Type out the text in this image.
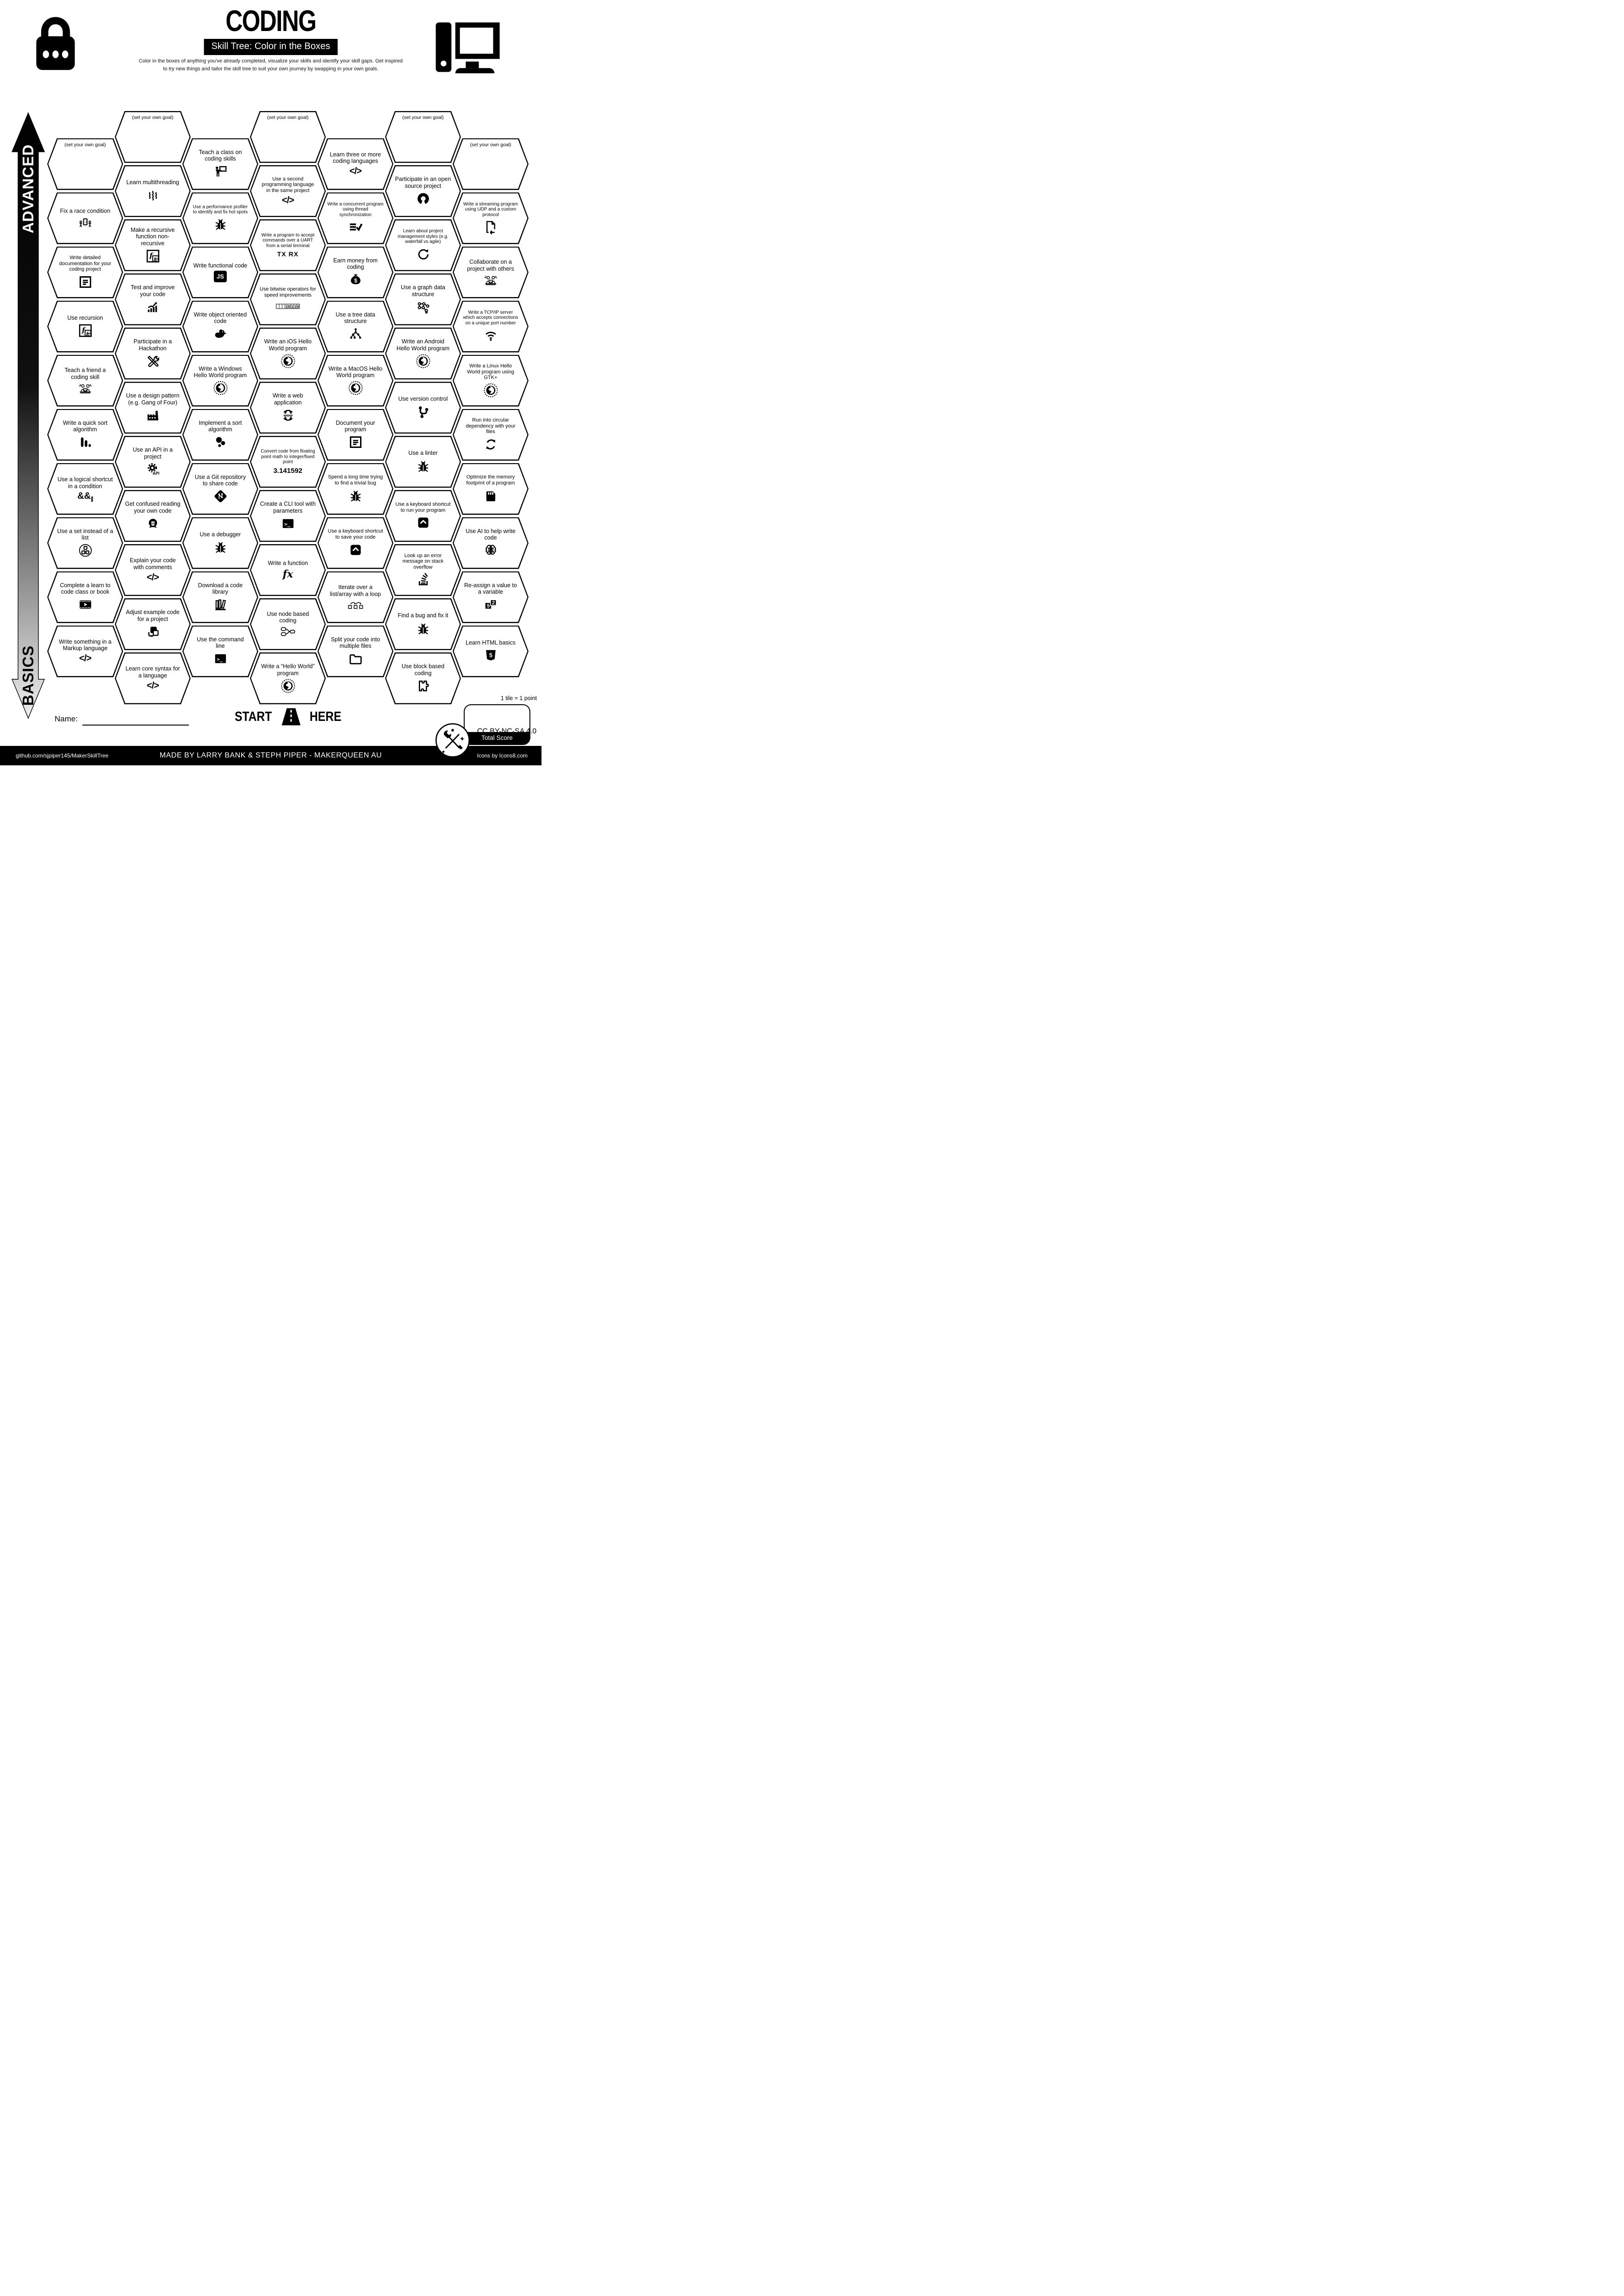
CODING
Skill Tree: Color in the Boxes
Color in the boxes of anything you've already completed, visualize your skills and identify your skill gaps. Get inspired
to try new things and tailor the skill tree to suit your own journey by swapping in your own goals.
ADVANCED
BASICS
(set your own goal)
Fix a race condition
Write detailed documentation for your coding project
Use recursion
f f f
Teach a friend a coding skill
Write a quick sort algorithm
Use a logical shortcut in a condition
$\&\&_{||}$
Use a set instead of a list
Complete a learn to code class or book
Write something in a Markup language
</>
(set your own goal)
Learn multithreading
Make a recursive function non-recursive
f f f
Test and improve your code
Participate in a Hackathon
Use a design pattern (e.g. Gang of Four)
Use an API in a project
API
Get confused reading your own code
Explain your code with comments
</>
Adjust example code for a project
Learn core syntax for a language
</>
Teach a class on coding skills
Use a performance profiler to identify and fix hot spots
Write functional code
JS
Write object oriented code
Write a Windows Hello World program
Implement a sort algorithm
Use a Git repository to share code
Use a debugger
Download a code library
Use the command line
>_
(set your own goal)
Use a second programming language in the same project
</>
Write a program to accept commands over a UART from a serial terminal
TX RX
Use bitwise operators for speed improvements
1 0 1 1 0
Write an iOS Hello World program
Write a web application
www
Convert code from floating point math to integer/fixed point
3.141592
Create a CLI tool with parameters
>_
Write a function
fx
Use node based coding
Write a “Hello World” program
Learn three or more coding languages
</>
Write a concurrent program using thread synchronization
Earn money from coding
$
Use a tree data structure
Write a MacOS Hello World program
Document your program
Spend a long time trying to find a trivial bug
Use a keyboard shortcut to save your code
Iterate over a list/array with a loop
Split your code into multiple files
(set your own goal)
Participate in an open source project
Learn about project management styles (e.g. waterfall vs agile)
Use a graph data structure
Write an Android Hello World program
Use version control
Use a linter
Use a keyboard shortcut to run your program
Look up an error message on stack overflow
Find a bug and fix it
Use block based coding
(set your own goal)
Write a streaming program using UDP and a custom protocol
Collaborate on a project with others
Write a TCP/IP server which accepts connections on a unique port number
Write a Linux Hello World program using GTK+
Run into circular dependency with your files
Optimize the memory footprint of a program
Use AI to help write code
Re-assign a value to a variable
5
2
Learn HTML basics
5
START	HERE
1 tile = 1 point
Total Score
Name:
CC BY-NC-SA 4.0
github.com/sjpiper145/MakerSkillTree	MADE BY LARRY BANK & STEPH PIPER - MAKERQUEEN AU	Icons by Icons8.com
